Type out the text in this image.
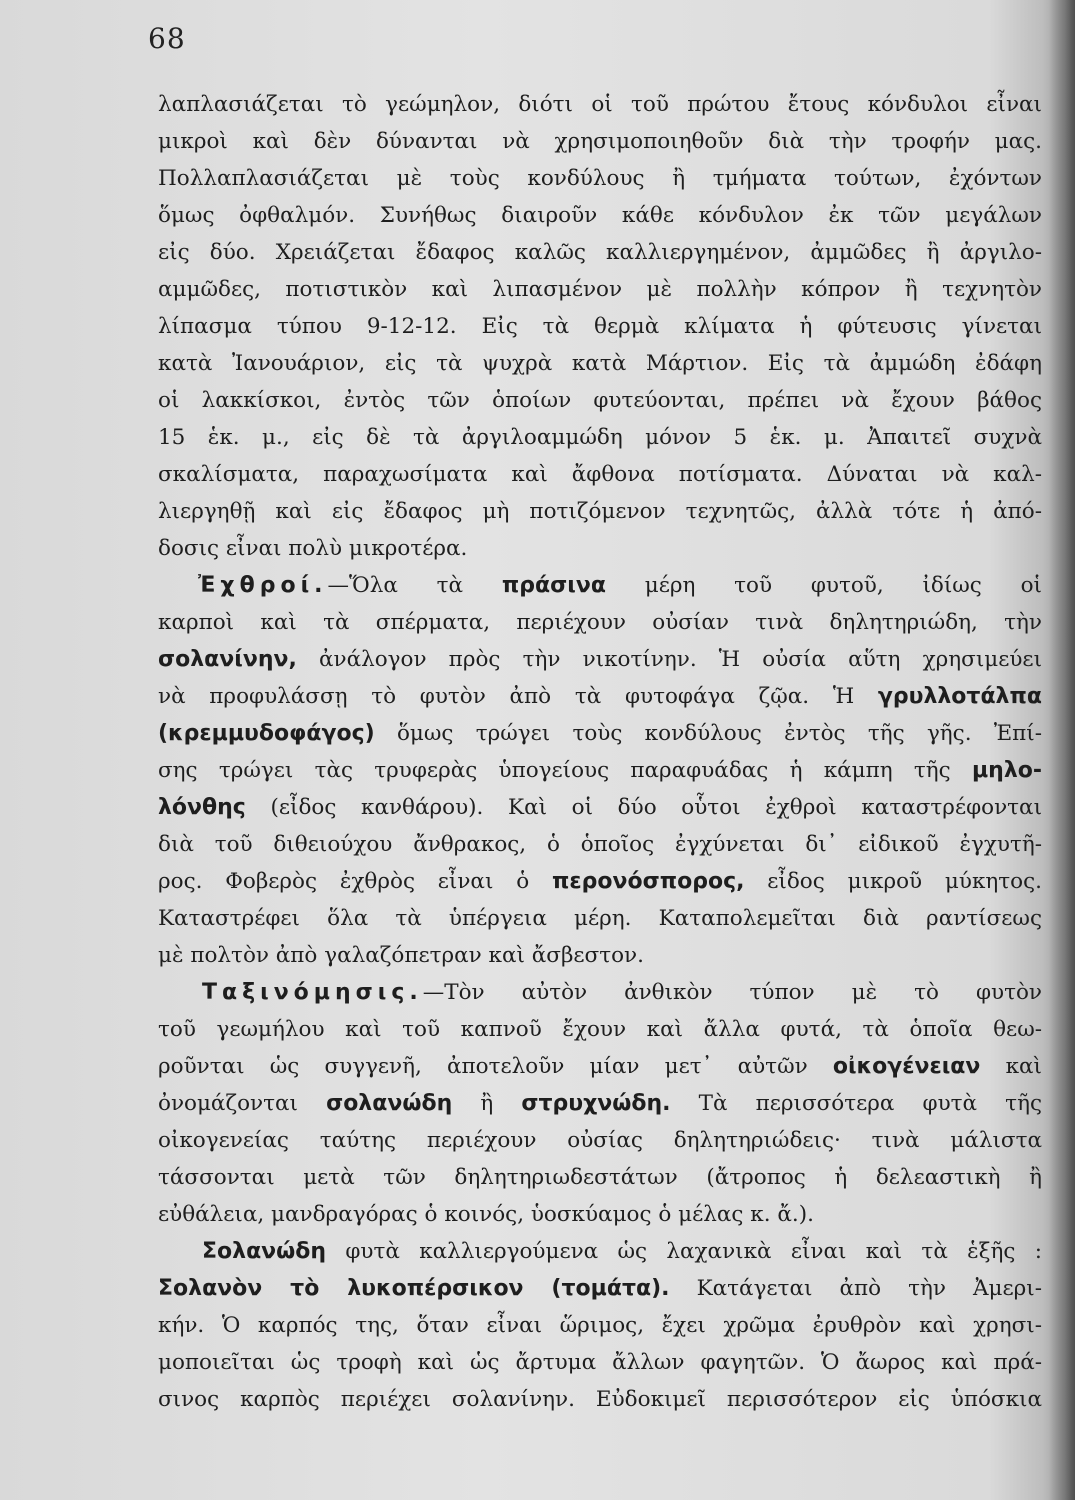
68
λαπλασιάζεται τὸ γεώμηλον, διότι οἱ τοῦ πρώτου ἔτους κόνδυλοι εἶναι
μικροὶ καὶ δὲν δύνανται νὰ χρησιμοποιηθοῦν διὰ τὴν τροφήν μας.
Πολλαπλασιάζεται μὲ τοὺς κονδύλους ἢ τμήματα τούτων, ἐχόντων
ὅμως ὀφθαλμόν. Συνήθως διαιροῦν κάθε κόνδυλον ἐκ τῶν μεγάλων
εἰς δύο. Χρειάζεται ἔδαφος καλῶς καλλιεργημένον, ἀμμῶδες ἢ ἀργιλο-
αμμῶδες, ποτιστικὸν καὶ λιπασμένον μὲ πολλὴν κόπρον ἢ τεχνητὸν
λίπασμα τύπου 9-12-12. Εἰς τὰ θερμὰ κλίματα ἡ φύτευσις γίνεται
κατὰ Ἰανουάριον, εἰς τὰ ψυχρὰ κατὰ Μάρτιον. Εἰς τὰ ἀμμώδη ἐδάφη
οἱ λακκίσκοι, ἐντὸς τῶν ὁποίων φυτεύονται, πρέπει νὰ ἔχουν βάθος
15 ἑκ. μ., εἰς δὲ τὰ ἀργιλοαμμώδη μόνον 5 ἑκ. μ. Ἀπαιτεῖ συχνὰ
σκαλίσματα, παραχωσίματα καὶ ἄφθονα ποτίσματα. Δύναται νὰ καλ-
λιεργηθῇ καὶ εἰς ἔδαφος μὴ ποτιζόμενον τεχνητῶς, ἀλλὰ τότε ἡ ἀπό-
δοσις εἶναι πολὺ μικροτέρα.
Ἐχθροί.—Ὅλα τὰ πράσινα μέρη τοῦ φυτοῦ, ἰδίως οἱ
καρποὶ καὶ τὰ σπέρματα, περιέχουν οὐσίαν τινὰ δηλητηριώδη, τὴν
σολανίνην, ἀνάλογον πρὸς τὴν νικοτίνην. Ἡ οὐσία αὕτη χρησιμεύει
νὰ προφυλάσσῃ τὸ φυτὸν ἀπὸ τὰ φυτοφάγα ζῷα. Ἡ γρυλλοτάλπα
(κρεμμυδοφάγος) ὅμως τρώγει τοὺς κονδύλους ἐντὸς τῆς γῆς. Ἐπί-
σης τρώγει τὰς τρυφερὰς ὑπογείους παραφυάδας ἡ κάμπη τῆς μηλο-
λόνθης (εἶδος κανθάρου). Καὶ οἱ δύο οὗτοι ἐχθροὶ καταστρέφονται
διὰ τοῦ διθειούχου ἄνθρακος, ὁ ὁποῖος ἐγχύνεται δι᾽ εἰδικοῦ ἐγχυτῆ-
ρος. Φοβερὸς ἐχθρὸς εἶναι ὁ περονόσπορος, εἶδος μικροῦ μύκητος.
Καταστρέφει ὅλα τὰ ὑπέργεια μέρη. Καταπολεμεῖται διὰ ραντίσεως
μὲ πολτὸν ἀπὸ γαλαζόπετραν καὶ ἄσβεστον.
Ταξινόμησις.—Τὸν αὐτὸν ἀνθικὸν τύπον μὲ τὸ φυτὸν
τοῦ γεωμήλου καὶ τοῦ καπνοῦ ἔχουν καὶ ἄλλα φυτά, τὰ ὁποῖα θεω-
ροῦνται ὡς συγγενῆ, ἀποτελοῦν μίαν μετ᾽ αὐτῶν οἰκογένειαν καὶ
ὀνομάζονται σολανώδη ἢ στρυχνώδη. Τὰ περισσότερα φυτὰ τῆς
οἰκογενείας ταύτης περιέχουν οὐσίας δηλητηριώδεις· τινὰ μάλιστα
τάσσονται μετὰ τῶν δηλητηριωδεστάτων (ἄτροπος ἡ δελεαστικὴ ἢ
εὐθάλεια, μανδραγόρας ὁ κοινός, ὑοσκύαμος ὁ μέλας κ. ἄ.).
Σολανώδη φυτὰ καλλιεργούμενα ὡς λαχανικὰ εἶναι καὶ τὰ ἑξῆς :
Σολανὸν τὸ λυκοπέρσικον (τομάτα). Κατάγεται ἀπὸ τὴν Ἀμερι-
κήν. Ὁ καρπός της, ὅταν εἶναι ὥριμος, ἔχει χρῶμα ἐρυθρὸν καὶ χρησι-
μοποιεῖται ὡς τροφὴ καὶ ὡς ἄρτυμα ἄλλων φαγητῶν. Ὁ ἄωρος καὶ πρά-
σινος καρπὸς περιέχει σολανίνην. Εὐδοκιμεῖ περισσότερον εἰς ὑπόσκια
